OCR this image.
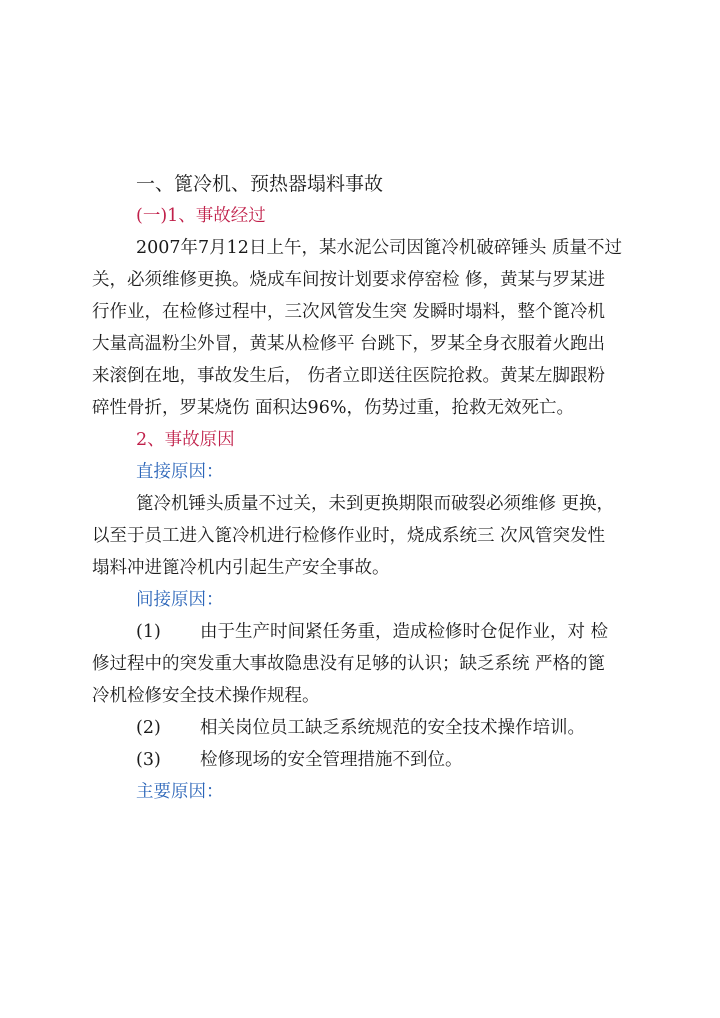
一、篦冷机、预热器塌料事故
(一)1、事故经过
2007年7月12日上午，某水泥公司因篦冷机破碎锤头 质量不过
关，必须维修更换。烧成车间按计划要求停窑检 修，黄某与罗某进
行作业，在检修过程中，三次风管发生突 发瞬时塌料，整个篦冷机
大量高温粉尘外冒，黄某从检修平 台跳下，罗某全身衣服着火跑出
来滚倒在地，事故发生后， 伤者立即送往医院抢救。黄某左脚跟粉
碎性骨折，罗某烧伤 面积达96%，伤势过重，抢救无效死亡。
2、事故原因
直接原因：
篦冷机锤头质量不过关，未到更换期限而破裂必须维修 更换，
以至于员工进入篦冷机进行检修作业时，烧成系统三 次风管突发性
塌料冲进篦冷机内引起生产安全事故。
间接原因：
(1) 由于生产时间紧任务重，造成检修时仓促作业，对 检
修过程中的突发重大事故隐患没有足够的认识；缺乏系统 严格的篦
冷机检修安全技术操作规程。
(2) 相关岗位员工缺乏系统规范的安全技术操作培训。
(3) 检修现场的安全管理措施不到位。
主要原因：
